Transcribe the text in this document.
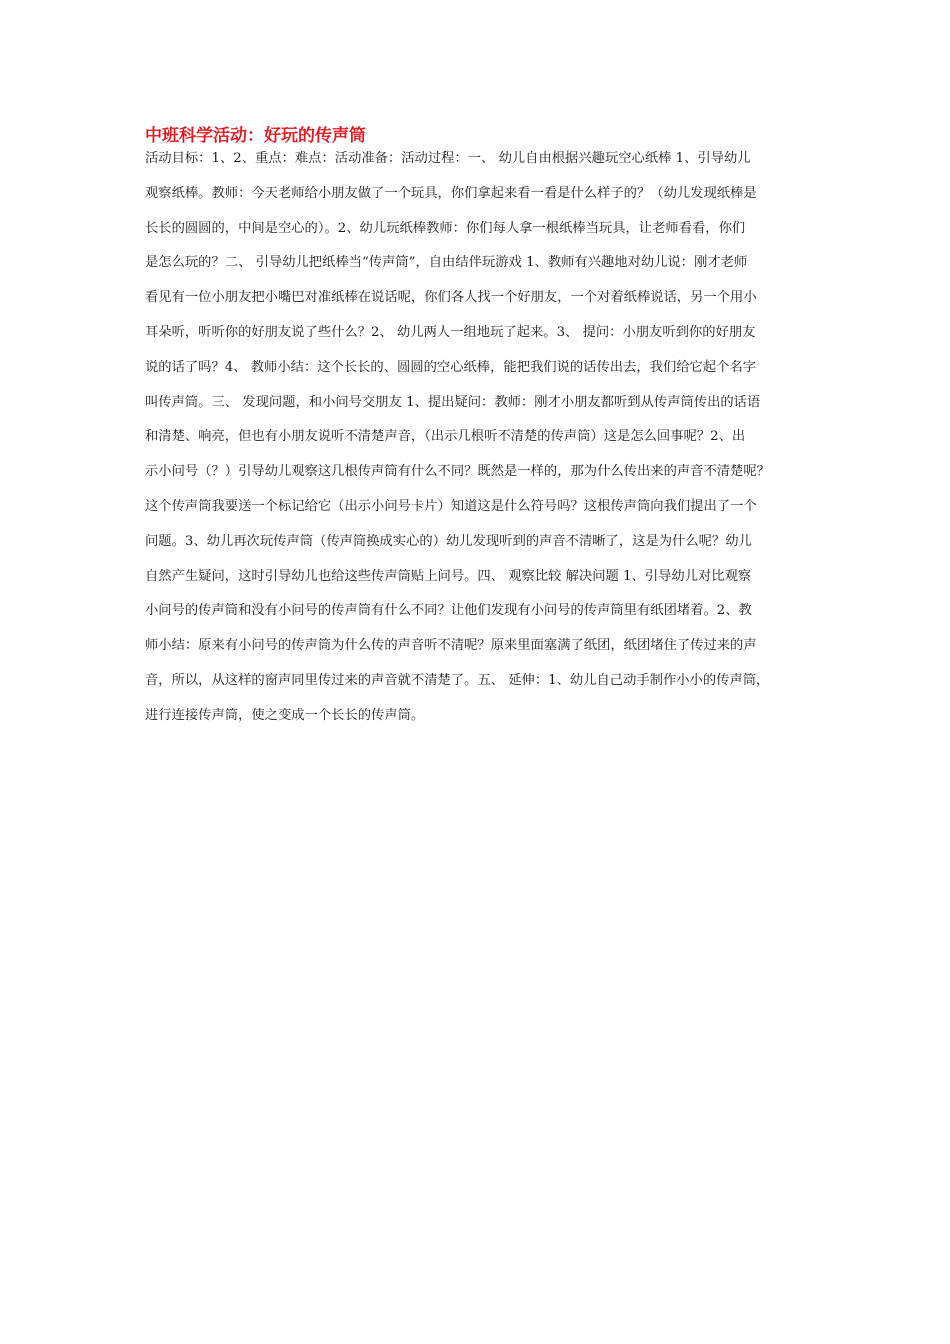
中班科学活动：好玩的传声筒
活动目标：1、2、重点：难点：活动准备：活动过程：一、 幼儿自由根据兴趣玩空心纸棒 1、引导幼儿
观察纸棒。教师：今天老师给小朋友做了一个玩具，你们拿起来看一看是什么样子的？（幼儿发现纸棒是
长长的圆圆的，中间是空心的）。2、幼儿玩纸棒教师：你们每人拿一根纸棒当玩具，让老师看看，你们
是怎么玩的？二、 引导幼儿把纸棒当“传声筒”，自由结伴玩游戏 1、教师有兴趣地对幼儿说：刚才老师
看见有一位小朋友把小嘴巴对准纸棒在说话呢，你们各人找一个好朋友，一个对着纸棒说话，另一个用小
耳朵听，听听你的好朋友说了些什么？2、 幼儿两人一组地玩了起来。3、 提问：小朋友听到你的好朋友
说的话了吗？4、 教师小结：这个长长的、圆圆的空心纸棒，能把我们说的话传出去，我们给它起个名字
叫传声筒。三、 发现问题，和小问号交朋友 1、提出疑问：教师：刚才小朋友都听到从传声筒传出的话语
和清楚、响亮，但也有小朋友说听不清楚声音，（出示几根听不清楚的传声筒）这是怎么回事呢？2、出
示小问号（？）引导幼儿观察这几根传声筒有什么不同？既然是一样的，那为什么传出来的声音不清楚呢？
这个传声筒我要送一个标记给它（出示小问号卡片）知道这是什么符号吗？这根传声筒向我们提出了一个
问题。3、幼儿再次玩传声筒（传声筒换成实心的）幼儿发现听到的声音不清晰了，这是为什么呢？幼儿
自然产生疑问，这时引导幼儿也给这些传声筒贴上问号。四、 观察比较 解决问题 1、引导幼儿对比观察
小问号的传声筒和没有小问号的传声筒有什么不同？让他们发现有小问号的传声筒里有纸团堵着。2、教
师小结：原来有小问号的传声筒为什么传的声音听不清呢？原来里面塞满了纸团，纸团堵住了传过来的声
音，所以，从这样的窗声同里传过来的声音就不清楚了。五、 延伸：1、幼儿自己动手制作小小的传声筒，
进行连接传声筒，使之变成一个长长的传声筒。
